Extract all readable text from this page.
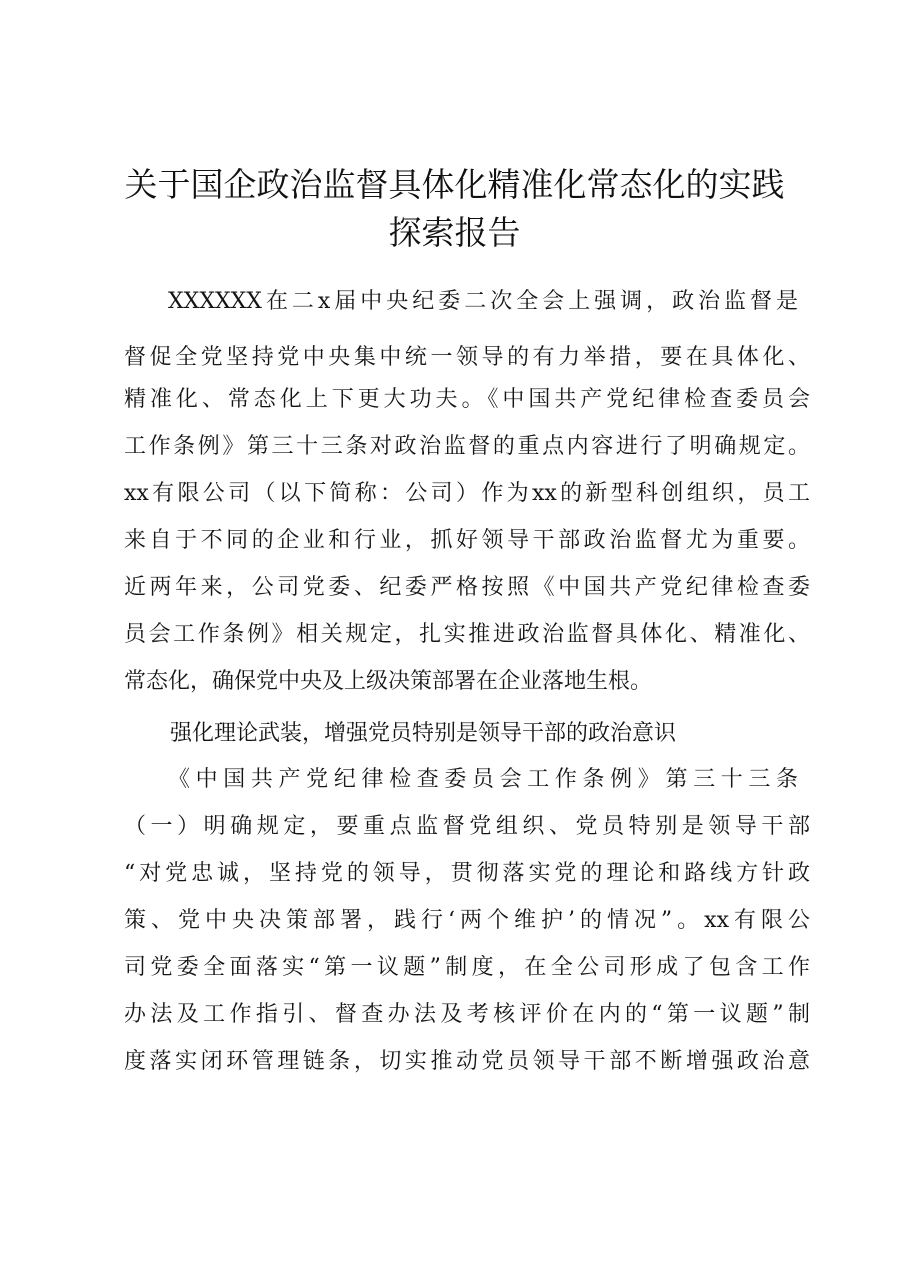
关于国企政治监督具体化精准化常态化的实践
探索报告
XXXXXX在二x届中央纪委二次全会上强调，政治监督是
督促全党坚持党中央集中统一领导的有力举措，要在具体化、
精准化、常态化上下更大功夫。《中国共产党纪律检查委员会
工作条例》第三十三条对政治监督的重点内容进行了明确规定。
xx有限公司（以下简称：公司）作为xx的新型科创组织，员工
来自于不同的企业和行业，抓好领导干部政治监督尤为重要。
近两年来，公司党委、纪委严格按照《中国共产党纪律检查委
员会工作条例》相关规定，扎实推进政治监督具体化、精准化、
常态化，确保党中央及上级决策部署在企业落地生根。
强化理论武装，增强党员特别是领导干部的政治意识
《中国共产党纪律检查委员会工作条例》第三十三条
（一）明确规定，要重点监督党组织、党员特别是领导干部
“对党忠诚，坚持党的领导，贯彻落实党的理论和路线方针政
策、党中央决策部署，践行‘两个维护’的情况”。xx有限公
司党委全面落实“第一议题”制度，在全公司形成了包含工作
办法及工作指引、督查办法及考核评价在内的“第一议题”制
度落实闭环管理链条，切实推动党员领导干部不断增强政治意
